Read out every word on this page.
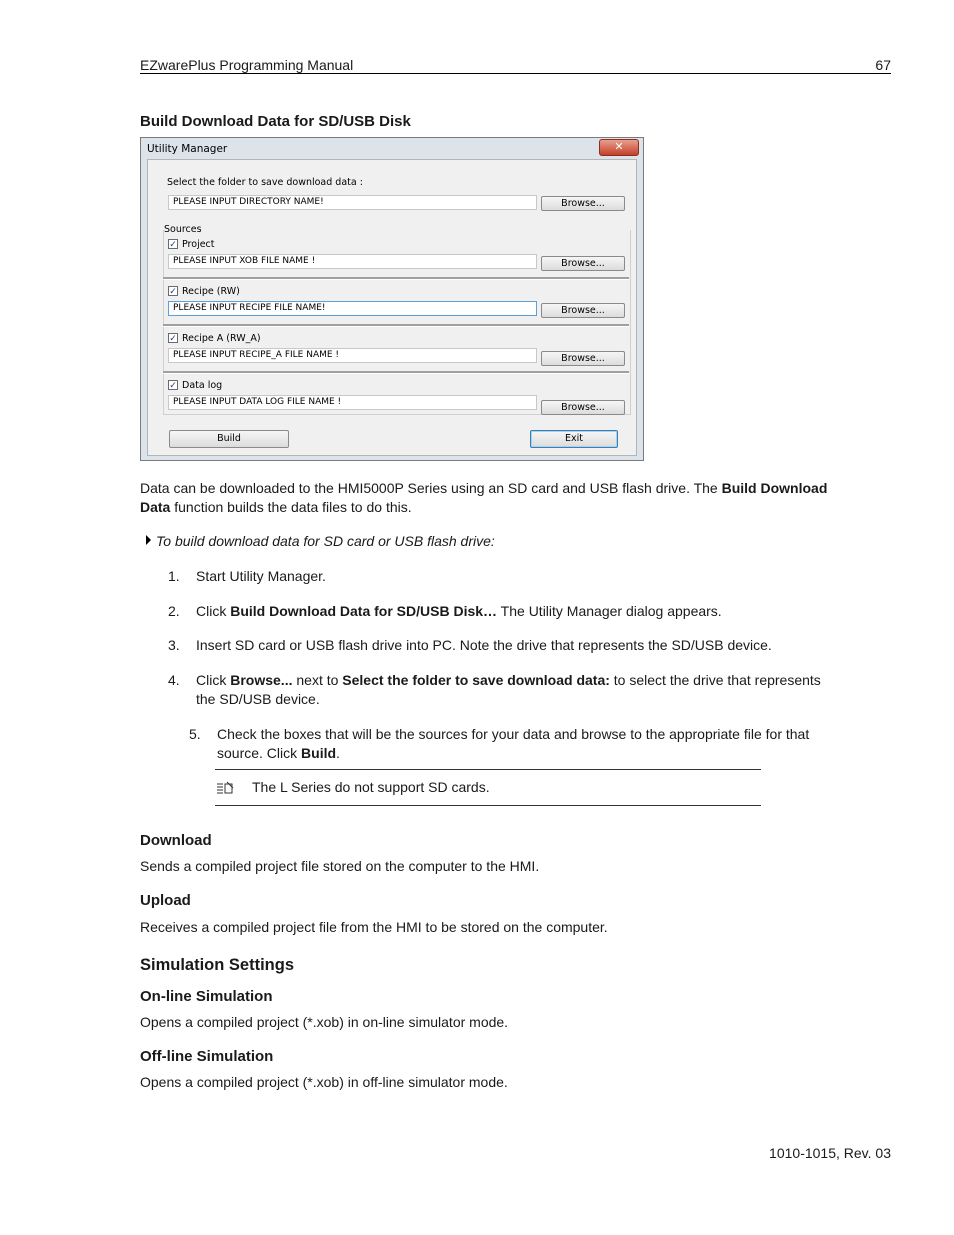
EZwarePlus Programming Manual	67
Build Download Data for SD/USB Disk
Utility Manager	✕
Select the folder to save download data :
PLEASE INPUT DIRECTORY NAME!	Browse...
Sources
✓ Project
PLEASE INPUT XOB FILE NAME !	Browse...
✓ Recipe (RW)
PLEASE INPUT RECIPE FILE NAME!	Browse...
✓ Recipe A (RW_A)
PLEASE INPUT RECIPE_A FILE NAME !	Browse...
✓ Data log
PLEASE INPUT DATA LOG FILE NAME !	Browse...
Build	Exit
Data can be downloaded to the HMI5000P Series using an SD card and USB flash drive. The Build Download
Data function builds the data files to do this.
To build download data for SD card or USB flash drive:
1. Start Utility Manager.
2. Click Build Download Data for SD/USB Disk… The Utility Manager dialog appears.
3. Insert SD card or USB flash drive into PC. Note the drive that represents the SD/USB device.
4. Click Browse... next to Select the folder to save download data: to select the drive that represents
the SD/USB device.
5. Check the boxes that will be the sources for your data and browse to the appropriate file for that
source. Click Build.
The L Series do not support SD cards.
Download
Sends a compiled project file stored on the computer to the HMI.
Upload
Receives a compiled project file from the HMI to be stored on the computer.
Simulation Settings
On-line Simulation
Opens a compiled project (*.xob) in on-line simulator mode.
Off-line Simulation
Opens a compiled project (*.xob) in off-line simulator mode.
1010-1015, Rev. 03
